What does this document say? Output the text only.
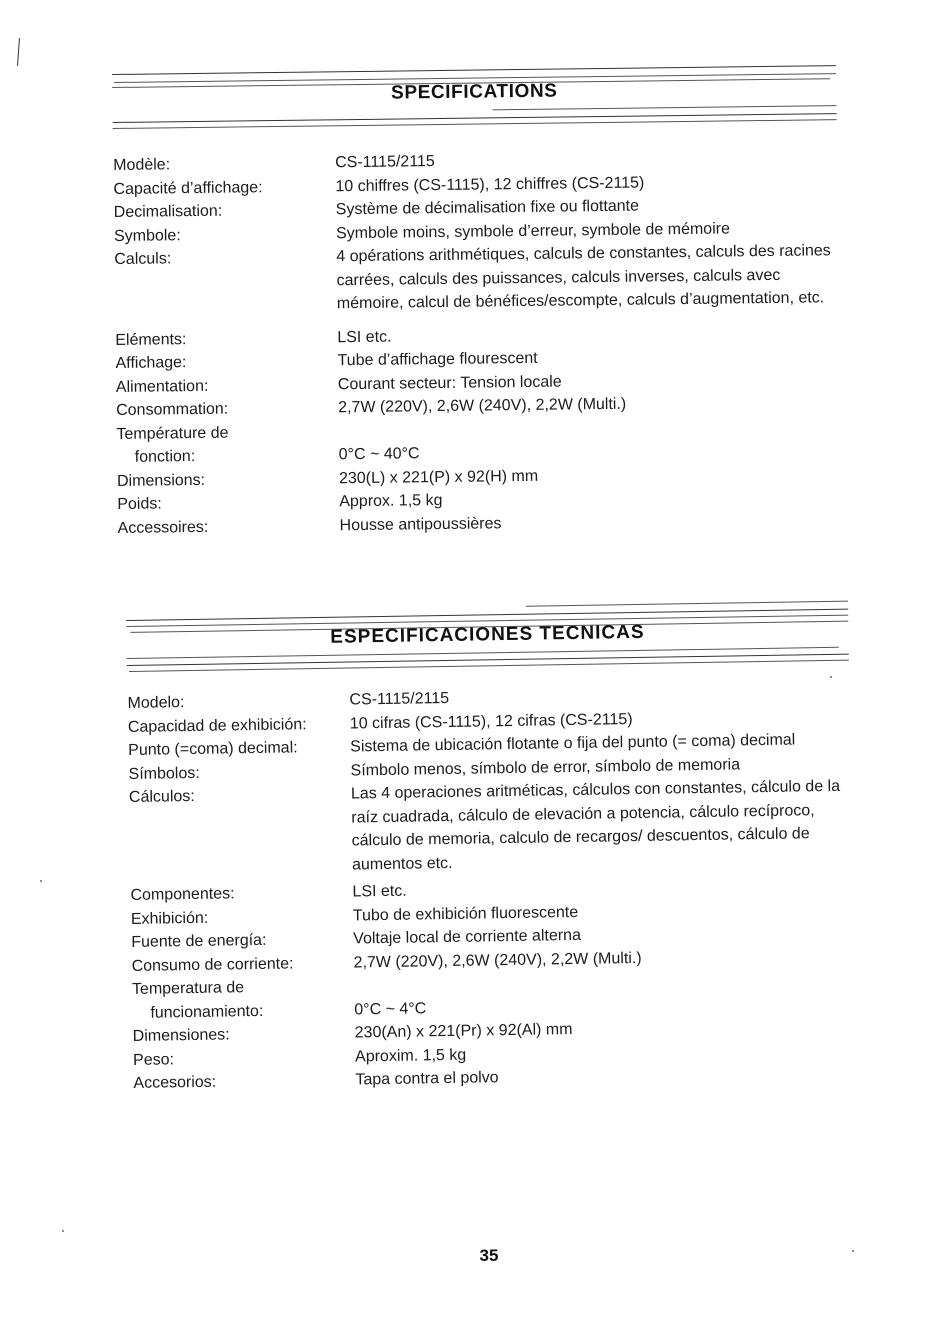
SPECIFICATIONS
Modèle:	CS-1115/2115
Capacité d’affichage:	10 chiffres (CS-1115), 12 chiffres (CS-2115)
Decimalisation:	Système de décimalisation fixe ou flottante
Symbole:	Symbole moins, symbole d’erreur, symbole de mémoire
Calculs:	4 opérations arithmétiques, calculs de constantes, calculs des racines carrées, calculs des puissances, calculs inverses, calculs avec mémoire, calcul de bénéfices/escompte, calculs d’augmentation, etc.
Eléments:	LSI etc.
Affichage:	Tube d’affichage flourescent
Alimentation:	Courant secteur: Tension locale
Consommation:	2,7W (220V), 2,6W (240V), 2,2W (Multi.)
Température de
fonction:	0°C ~ 40°C
Dimensions:	230(L) x 221(P) x 92(H) mm
Poids:	Approx. 1,5 kg
Accessoires:	Housse antipoussières
ESPECIFICACIONES TECNICAS
Modelo:	CS-1115/2115
Capacidad de exhibición:	10 cifras (CS-1115), 12 cifras (CS-2115)
Punto (=coma) decimal:	Sistema de ubicación flotante o fija del punto (= coma) decimal
Símbolos:	Símbolo menos, símbolo de error, símbolo de memoria
Cálculos:	Las 4 operaciones aritméticas, cálculos con constantes, cálculo de la raíz cuadrada, cálculo de elevación a potencia, cálculo recíproco, cálculo de memoria, calculo de recargos/ descuentos, cálculo de aumentos etc.
Componentes:	LSI etc.
Exhibición:	Tubo de exhibición fluorescente
Fuente de energía:	Voltaje local de corriente alterna
Consumo de corriente:	2,7W (220V), 2,6W (240V), 2,2W (Multi.)
Temperatura de
funcionamiento:	0°C ~ 4°C
Dimensiones:	230(An) x 221(Pr) x 92(Al) mm
Peso:	Aproxim. 1,5 kg
Accesorios:	Tapa contra el polvo
35
